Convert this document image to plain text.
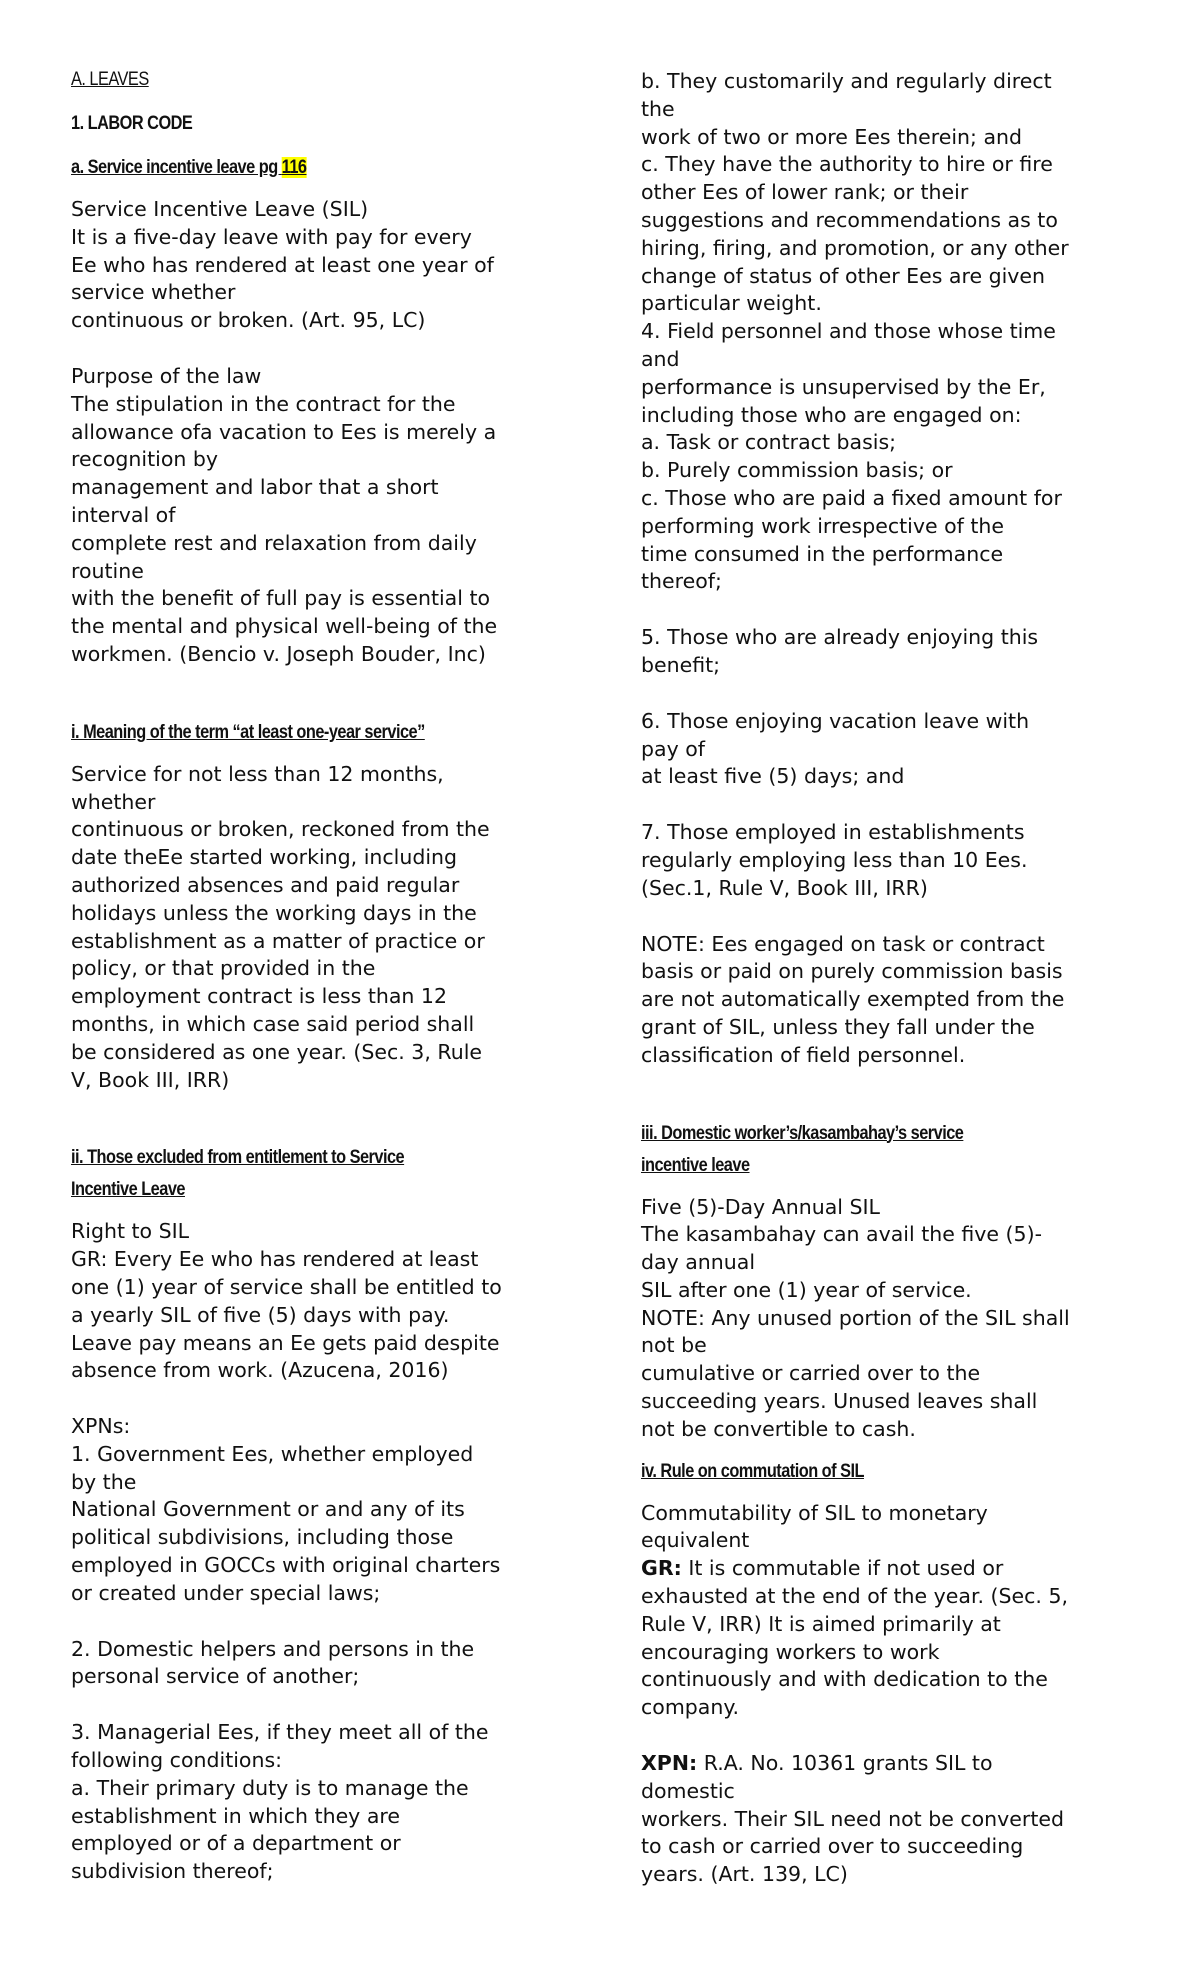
A. LEAVES

1. LABOR CODE

a. Service incentive leave pg 116

Service Incentive Leave (SIL)
It is a five-day leave with pay for every
Ee who has rendered at least one year of
service whether
continuous or broken. (Art. 95, LC)

Purpose of the law
The stipulation in the contract for the
allowance ofa vacation to Ees is merely a
recognition by
management and labor that a short
interval of
complete rest and relaxation from daily
routine
with the benefit of full pay is essential to
the mental and physical well-being of the
workmen. (Bencio v. Joseph Bouder, Inc)

i. Meaning of the term “at least one-year service”

Service for not less than 12 months,
whether
continuous or broken, reckoned from the
date theEe started working, including
authorized absences and paid regular
holidays unless the working days in the
establishment as a matter of practice or
policy, or that provided in the
employment contract is less than 12
months, in which case said period shall
be considered as one year. (Sec. 3, Rule
V, Book III, IRR)

ii. Those excluded from entitlement to Service

Incentive Leave

Right to SIL
GR: Every Ee who has rendered at least
one (1) year of service shall be entitled to
a yearly SIL of five (5) days with pay.
Leave pay means an Ee gets paid despite
absence from work. (Azucena, 2016)

XPNs:
1. Government Ees, whether employed
by the
National Government or and any of its
political subdivisions, including those
employed in GOCCs with original charters
or created under special laws;

2. Domestic helpers and persons in the
personal service of another;

3. Managerial Ees, if they meet all of the
following conditions:
a. Their primary duty is to manage the
establishment in which they are
employed or of a department or
subdivision thereof;

b. They customarily and regularly direct
the
work of two or more Ees therein; and
c. They have the authority to hire or fire
other Ees of lower rank; or their
suggestions and recommendations as to
hiring, firing, and promotion, or any other
change of status of other Ees are given
particular weight.
4. Field personnel and those whose time
and
performance is unsupervised by the Er,
including those who are engaged on:
a. Task or contract basis;
b. Purely commission basis; or
c. Those who are paid a fixed amount for
performing work irrespective of the
time consumed in the performance
thereof;

5. Those who are already enjoying this
benefit;

6. Those enjoying vacation leave with
pay of
at least five (5) days; and

7. Those employed in establishments
regularly employing less than 10 Ees.
(Sec.1, Rule V, Book III, IRR)

NOTE: Ees engaged on task or contract
basis or paid on purely commission basis
are not automatically exempted from the
grant of SIL, unless they fall under the
classification of field personnel.

iii. Domestic worker’s/kasambahay’s service

incentive leave

Five (5)-Day Annual SIL
The kasambahay can avail the five (5)-
day annual
SIL after one (1) year of service.
NOTE: Any unused portion of the SIL shall
not be
cumulative or carried over to the
succeeding years. Unused leaves shall
not be convertible to cash.

iv. Rule on commutation of SIL

Commutability of SIL to monetary
equivalent

GR: It is commutable if not used or
exhausted at the end of the year. (Sec. 5,
Rule V, IRR) It is aimed primarily at
encouraging workers to work
continuously and with dedication to the
company.

XPN: R.A. No. 10361 grants SIL to
domestic
workers. Their SIL need not be converted
to cash or carried over to succeeding
years. (Art. 139, LC)
